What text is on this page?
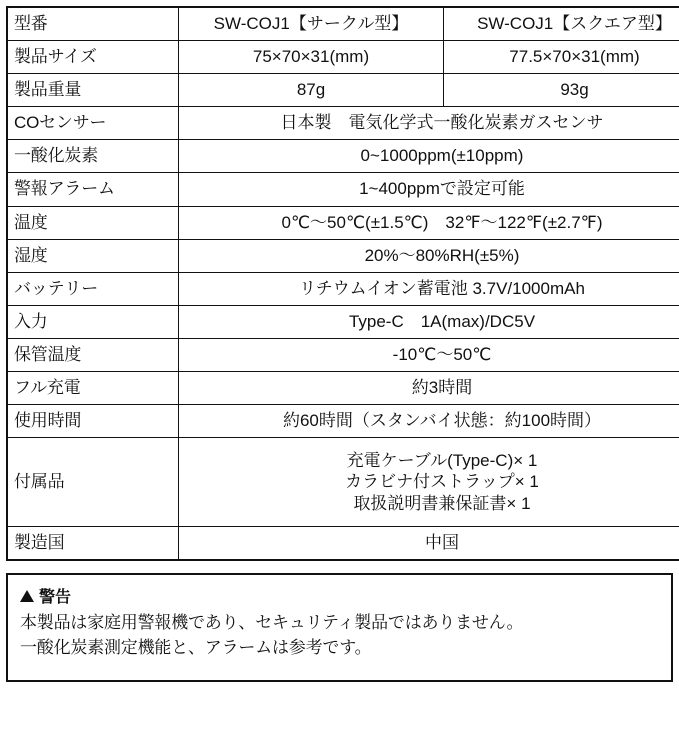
型番	SW-COJ1【サークル型】	SW-COJ1【スクエア型】
製品サイズ	75×70×31(mm)	77.5×70×31(mm)
製品重量	87g	93g
COセンサー	日本製　電気化学式一酸化炭素ガスセンサ	
一酸化炭素	0~1000ppm(±10ppm)	
警報アラーム	1~400ppmで設定可能	
温度	0℃〜50℃(±1.5℃)　32℉〜122℉(±2.7℉)	
湿度	20%〜80%RH(±5%)	
バッテリー	リチウムイオン蓄電池 3.7V/1000mAh	
入力	Type-C　1A(max)/DC5V	
保管温度	-10℃〜50℃	
フル充電	約3時間	
使用時間	約60時間（スタンバイ状態：約100時間）	
付属品	充電ケーブル(Type-C)× 1
カラビナ付ストラップ× 1
取扱説明書兼保証書× 1	

製造国	中国	
警告
本製品は家庭用警報機であり、セキュリティ製品ではありません。
一酸化炭素測定機能と、アラームは参考です。
